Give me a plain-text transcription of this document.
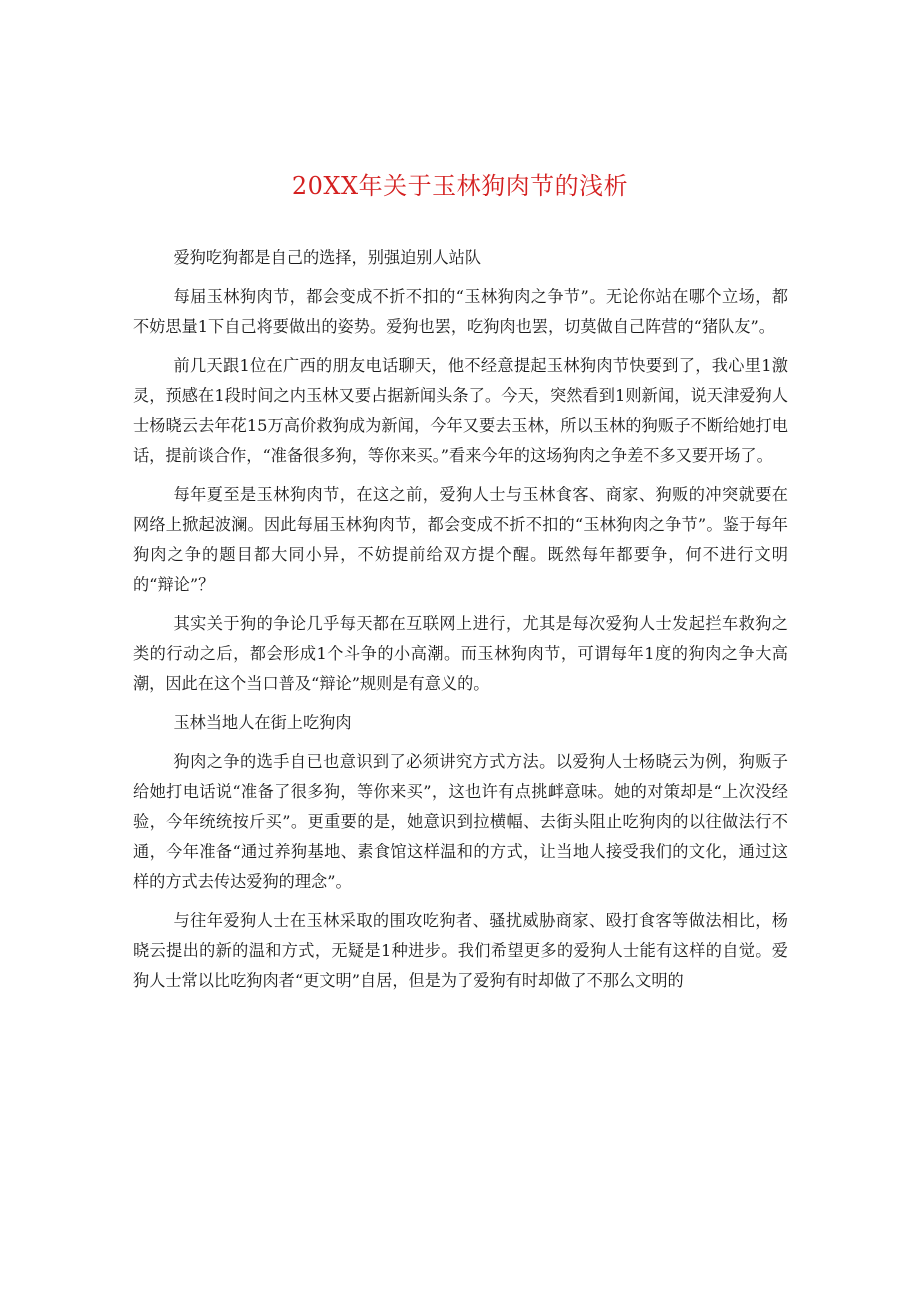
20XX年关于玉林狗肉节的浅析

爱狗吃狗都是自己的选择，别强迫别人站队

每届玉林狗肉节，都会变成不折不扣的“玉林狗肉之争节”。无论你站在哪个立场，都不妨思量1下自己将要做出的姿势。爱狗也罢，吃狗肉也罢，切莫做自己阵营的“猪队友”。

前几天跟1位在广西的朋友电话聊天，他不经意提起玉林狗肉节快要到了，我心里1激灵，预感在1段时间之内玉林又要占据新闻头条了。今天，突然看到1则新闻，说天津爱狗人士杨晓云去年花15万高价救狗成为新闻，今年又要去玉林，所以玉林的狗贩子不断给她打电话，提前谈合作，“准备很多狗，等你来买。”看来今年的这场狗肉之争差不多又要开场了。

每年夏至是玉林狗肉节，在这之前，爱狗人士与玉林食客、商家、狗贩的冲突就要在网络上掀起波澜。因此每届玉林狗肉节，都会变成不折不扣的“玉林狗肉之争节”。鉴于每年狗肉之争的题目都大同小异，不妨提前给双方提个醒。既然每年都要争，何不进行文明的“辩论”？

其实关于狗的争论几乎每天都在互联网上进行，尤其是每次爱狗人士发起拦车救狗之类的行动之后，都会形成1个斗争的小高潮。而玉林狗肉节，可谓每年1度的狗肉之争大高潮，因此在这个当口普及“辩论”规则是有意义的。

玉林当地人在街上吃狗肉

狗肉之争的选手自已也意识到了必须讲究方式方法。以爱狗人士杨晓云为例，狗贩子给她打电话说“准备了很多狗，等你来买”，这也许有点挑衅意味。她的对策却是“上次没经验，今年统统按斤买”。更重要的是，她意识到拉横幅、去街头阻止吃狗肉的以往做法行不通，今年准备“通过养狗基地、素食馆这样温和的方式，让当地人接受我们的文化，通过这样的方式去传达爱狗的理念”。

与往年爱狗人士在玉林采取的围攻吃狗者、骚扰威胁商家、殴打食客等做法相比，杨晓云提出的新的温和方式，无疑是1种进步。我们希望更多的爱狗人士能有这样的自觉。爱狗人士常以比吃狗肉者“更文明”自居，但是为了爱狗有时却做了不那么文明的
